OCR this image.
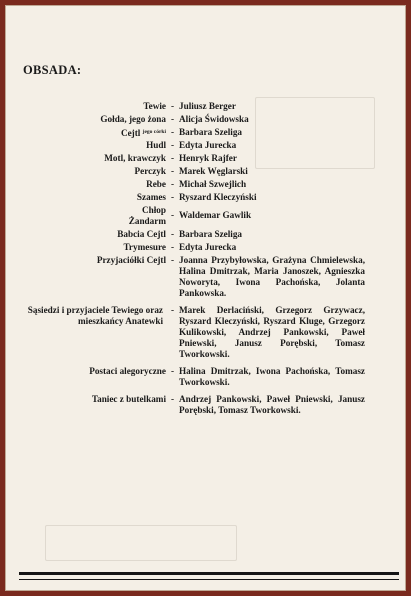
OBSADA:
Tewie - Juliusz Berger
Gołda, jego żona - Alicja Świdowska
Cejtl $^{jego córki}$ - Barbara Szeliga
Hudl - Edyta Jurecka
Motl, krawczyk - Henryk Rajfer
Perczyk - Marek Węglarski
Rebe - Michał Szwejlich
Szames - Ryszard Kleczyński
Chłop
Żandarm
- Waldemar Gawlik
Babcia Cejtl - Barbara Szeliga
Trymesure - Edyta Jurecka
Przyjaciółki Cejtl - Joanna Przybyłowska, Grażyna Chmielewska, Halina Dmitrzak, Maria Janoszek, Agnieszka Noworyta, Iwona Pachońska, Jolanta Pankowska.
Sąsiedzi i przyjaciele Tewiego oraz mieszkańcy Anatewki
- Marek Derlaciński, Grzegorz Grzywacz, Ryszard Kleczyński, Ryszard Kluge, Grzegorz Kulikowski, Andrzej Pankowski, Paweł Pniewski, Janusz Porębski, Tomasz Tworkowski.
Postaci alegoryczne - Halina Dmitrzak, Iwona Pachońska, Tomasz Tworkowski.
Taniec z butelkami - Andrzej Pankowski, Paweł Pniewski, Janusz Porębski, Tomasz Tworkowski.
